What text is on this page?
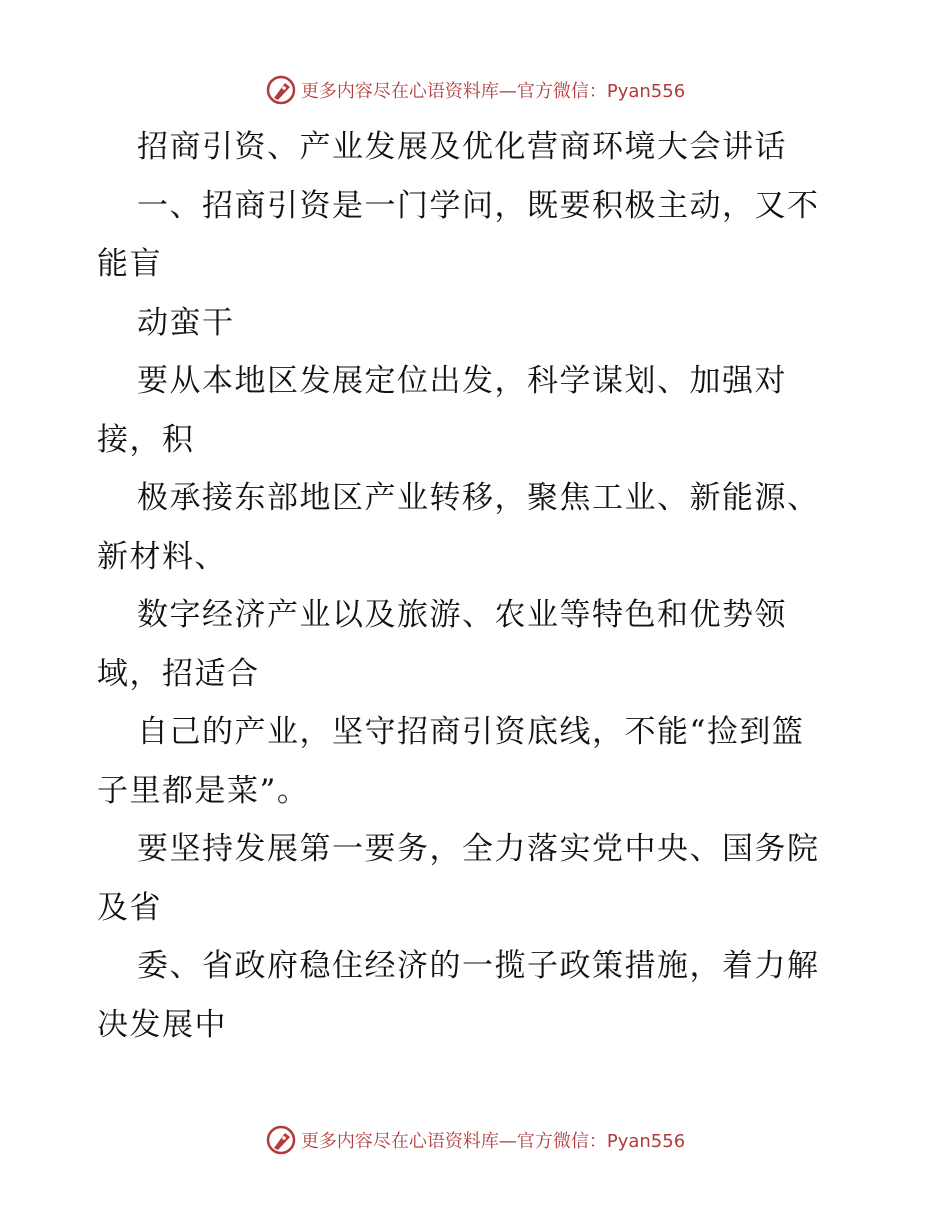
更多内容尽在心语资料库—官方微信：Pyan556
招商引资、产业发展及优化营商环境大会讲话
一、招商引资是一门学问，既要积极主动，又不
能盲
动蛮干
要从本地区发展定位出发，科学谋划、加强对
接，积
极承接东部地区产业转移，聚焦工业、新能源、
新材料、
数字经济产业以及旅游、农业等特色和优势领
域，招适合
自己的产业，坚守招商引资底线，不能“捡到篮
子里都是菜”。
要坚持发展第一要务，全力落实党中央、国务院
及省
委、省政府稳住经济的一揽子政策措施，着力解
决发展中
更多内容尽在心语资料库—官方微信：Pyan556
